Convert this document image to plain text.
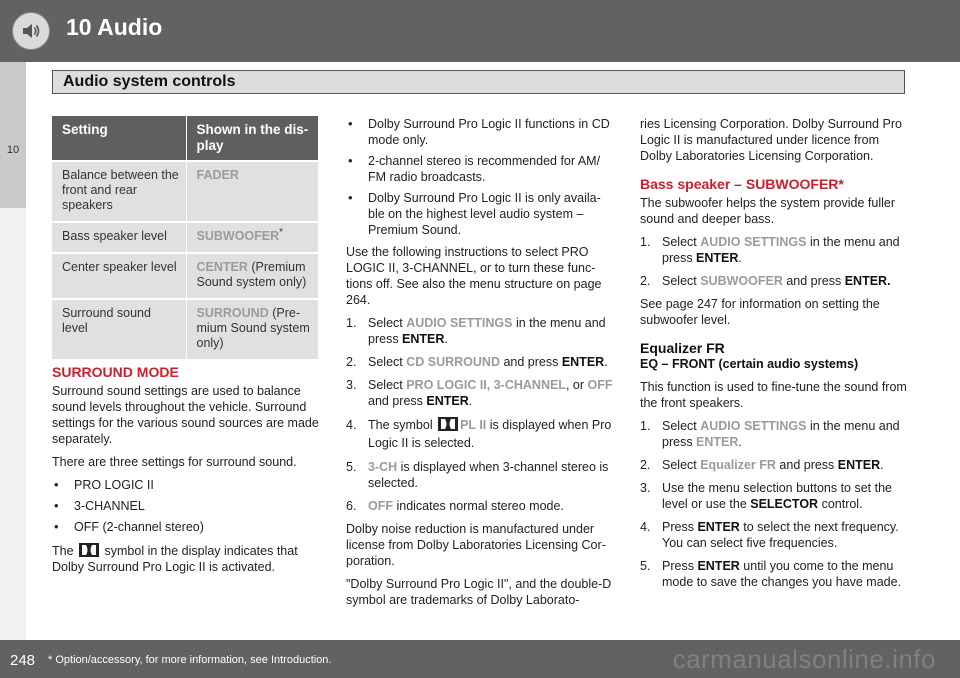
10 Audio
10
Audio system controls
Setting	Shown in the dis-
play
Balance between the front and rear speakers	FADER
Bass speaker level	SUBWOOFER*
Center speaker level	CENTER (Premium Sound system only)
Surround sound level	SURROUND (Pre-mium Sound system only)
SURROUND MODE

Surround sound settings are used to balance sound levels throughout the vehicle. Surround settings for the various sound sources are made separately.

There are three settings for surround sound.

• PRO LOGIC II
• 3-CHANNEL
• OFF (2-channel stereo)

The symbol in the display indicates that Dolby Surround Pro Logic II is activated.

• Dolby Surround Pro Logic II functions in CD mode only.
• 2-channel stereo is recommended for AM/ FM radio broadcasts.
• Dolby Surround Pro Logic II is only availa-ble on the highest level audio system – Premium Sound.

Use the following instructions to select PRO LOGIC II, 3-CHANNEL, or to turn these func-tions off. See also the menu structure on page 264.

1. Select AUDIO SETTINGS in the menu and press ENTER.
2. Select CD SURROUND and press ENTER.
3. Select PRO LOGIC II, 3-CHANNEL, or OFF and press ENTER.
4. The symbol PL II is displayed when Pro Logic II is selected.
5. 3-CH is displayed when 3-channel stereo is selected.
6. OFF indicates normal stereo mode.

Dolby noise reduction is manufactured under license from Dolby Laboratories Licensing Cor-poration.

"Dolby Surround Pro Logic II", and the double-D symbol are trademarks of Dolby Laborato-

ries Licensing Corporation. Dolby Surround Pro Logic II is manufactured under licence from Dolby Laboratories Licensing Corporation.

Bass speaker – SUBWOOFER*

The subwoofer helps the system provide fuller sound and deeper bass.

1. Select AUDIO SETTINGS in the menu and press ENTER.
2. Select SUBWOOFER and press ENTER.

See page 247 for information on setting the subwoofer level.

Equalizer FR
EQ – FRONT (certain audio systems)

This function is used to fine-tune the sound from the front speakers.

1. Select AUDIO SETTINGS in the menu and press ENTER.
2. Select Equalizer FR and press ENTER.
3. Use the menu selection buttons to set the level or use the SELECTOR control.
4. Press ENTER to select the next frequency. You can select five frequencies.
5. Press ENTER until you come to the menu mode to save the changes you have made.
248 * Option/accessory, for more information, see Introduction.	carmanualsonline.info
